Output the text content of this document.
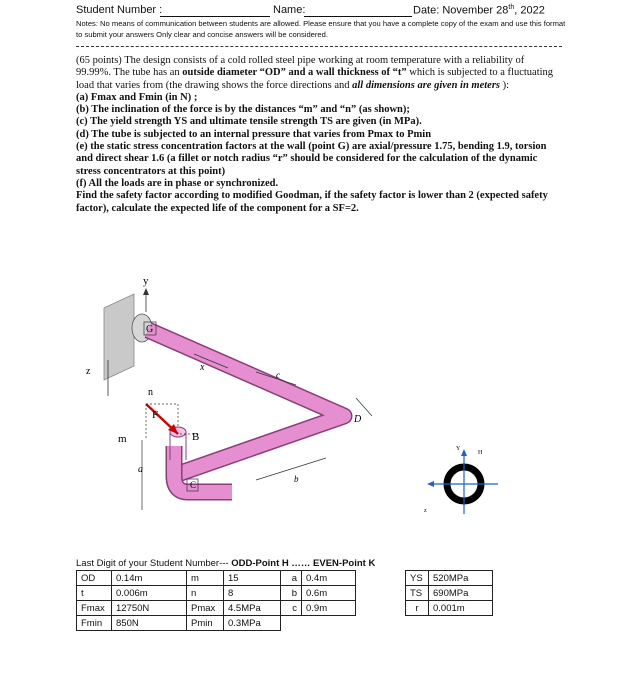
Student Number :	Name:	Date: November 28th, 2022
Notes: No means of communication between students are allowed. Please ensure that you have a complete copy of the exam and use this format to submit your answers Only clear and concise answers will be considered.

(65 points) The design consists of a cold rolled steel pipe working at room temperature with a reliability of 99.99%. The tube has an outside diameter “OD” and a wall thickness of “t” which is subjected to a fluctuating load that varies from (the drawing shows the force directions and all dimensions are given in meters ):

(a) Fmax and Fmin (in N) ;

(b) The inclination of the force is by the distances “m” and “n” (as shown);

(c) The yield strength YS and ultimate tensile strength TS are given (in MPa).

(d) The tube is subjected to an internal pressure that varies from Pmax to Pmin

(e) the static stress concentration factors at the wall (point G) are axial/pressure 1.75, bending 1.9, torsion and direct shear 1.6 (a fillet or notch radius “r” should be considered for the calculation of the dynamic stress concentrators at this point)

(f) All the loads are in phase or synchronized.

Find the safety factor according to modified Goodman, if the safety factor is lower than 2 (expected safety factor), calculate the expected life of the component for a SF=2.

y
z	x
c
D
b
a
G
n
F
m	B
C
Y
H
z
Last Digit of your Student Number--- ODD-Point H …… EVEN-Point K
OD	0.14m	m	15	a	0.4m		YS	520MPa
t	0.006m	n	8	b	0.6m		TS	690MPa
Fmax	12750N	Pmax	4.5MPa	c	0.9m		r	0.001m
Fmin	850N	Pmin	0.3MPa					
